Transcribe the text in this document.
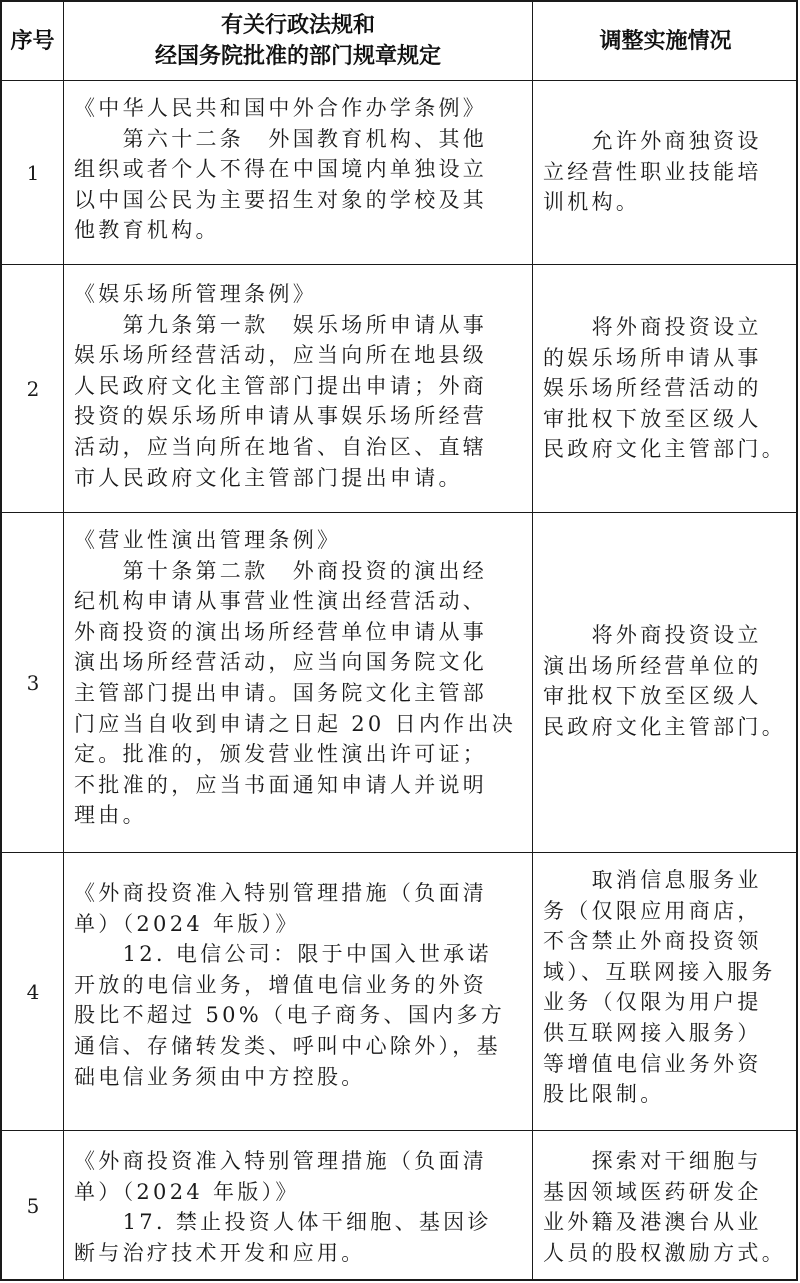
序号
有关行政法规和
经国务院批准的部门规章规定
调整实施情况
1
《中华人民共和国中外合作办学条例》
　　第六十二条　外国教育机构、其他
组织或者个人不得在中国境内单独设立
以中国公民为主要招生对象的学校及其
他教育机构。
　　允许外商独资设
立经营性职业技能培
训机构。
2
《娱乐场所管理条例》
　　第九条第一款　娱乐场所申请从事
娱乐场所经营活动，应当向所在地县级
人民政府文化主管部门提出申请；外商
投资的娱乐场所申请从事娱乐场所经营
活动，应当向所在地省、自治区、直辖
市人民政府文化主管部门提出申请。
　　将外商投资设立
的娱乐场所申请从事
娱乐场所经营活动的
审批权下放至区级人
民政府文化主管部门。
3
《营业性演出管理条例》
　　第十条第二款　外商投资的演出经
纪机构申请从事营业性演出经营活动、
外商投资的演出场所经营单位申请从事
演出场所经营活动，应当向国务院文化
主管部门提出申请。国务院文化主管部
门应当自收到申请之日起 20 日内作出决
定。批准的，颁发营业性演出许可证；
不批准的，应当书面通知申请人并说明
理由。
　　将外商投资设立
演出场所经营单位的
审批权下放至区级人
民政府文化主管部门。
4
《外商投资准入特别管理措施（负面清
单）（2024 年版）》
　　12. 电信公司：限于中国入世承诺
开放的电信业务，增值电信业务的外资
股比不超过 50%（电子商务、国内多方
通信、存储转发类、呼叫中心除外），基
础电信业务须由中方控股。
　　取消信息服务业
务（仅限应用商店，
不含禁止外商投资领
域）、互联网接入服务
业务（仅限为用户提
供互联网接入服务）
等增值电信业务外资
股比限制。
5
《外商投资准入特别管理措施（负面清
单）（2024 年版）》
　　17. 禁止投资人体干细胞、基因诊
断与治疗技术开发和应用。
　　探索对干细胞与
基因领域医药研发企
业外籍及港澳台从业
人员的股权激励方式。
